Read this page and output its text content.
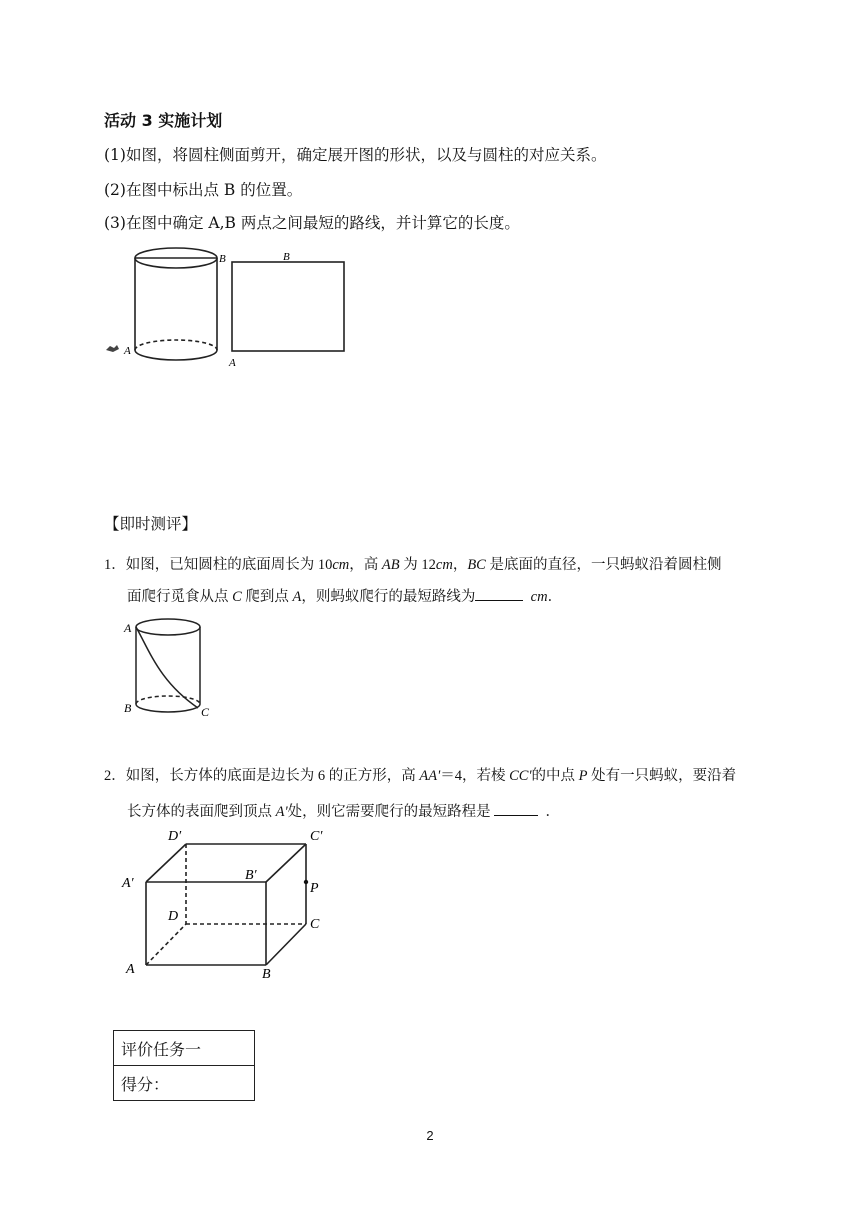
活动 3 实施计划
(1)如图，将圆柱侧面剪开，确定展开图的形状，以及与圆柱的对应关系。
(2)在图中标出点 B 的位置。
(3)在图中确定 A,B 两点之间最短的路线，并计算它的长度。
A
B
A
B
【即时测评】
1．如图，已知圆柱的底面周长为 10cm，高 AB 为 12cm，BC 是底面的直径，一只蚂蚁沿着圆柱侧
面爬行觅食从点 C 爬到点 A，则蚂蚁爬行的最短路线为	cm．
A
B	C
2．如图，长方体的底面是边长为 6 的正方形，高 AA'＝4，若棱 CC'的中点 P 处有一只蚂蚁，要沿着
长方体的表面爬到顶点 A'处，则它需要爬行的最短路程是	．
D′	C′
A′
B′
P
D
C
A	B
评价任务一
得分：
2
